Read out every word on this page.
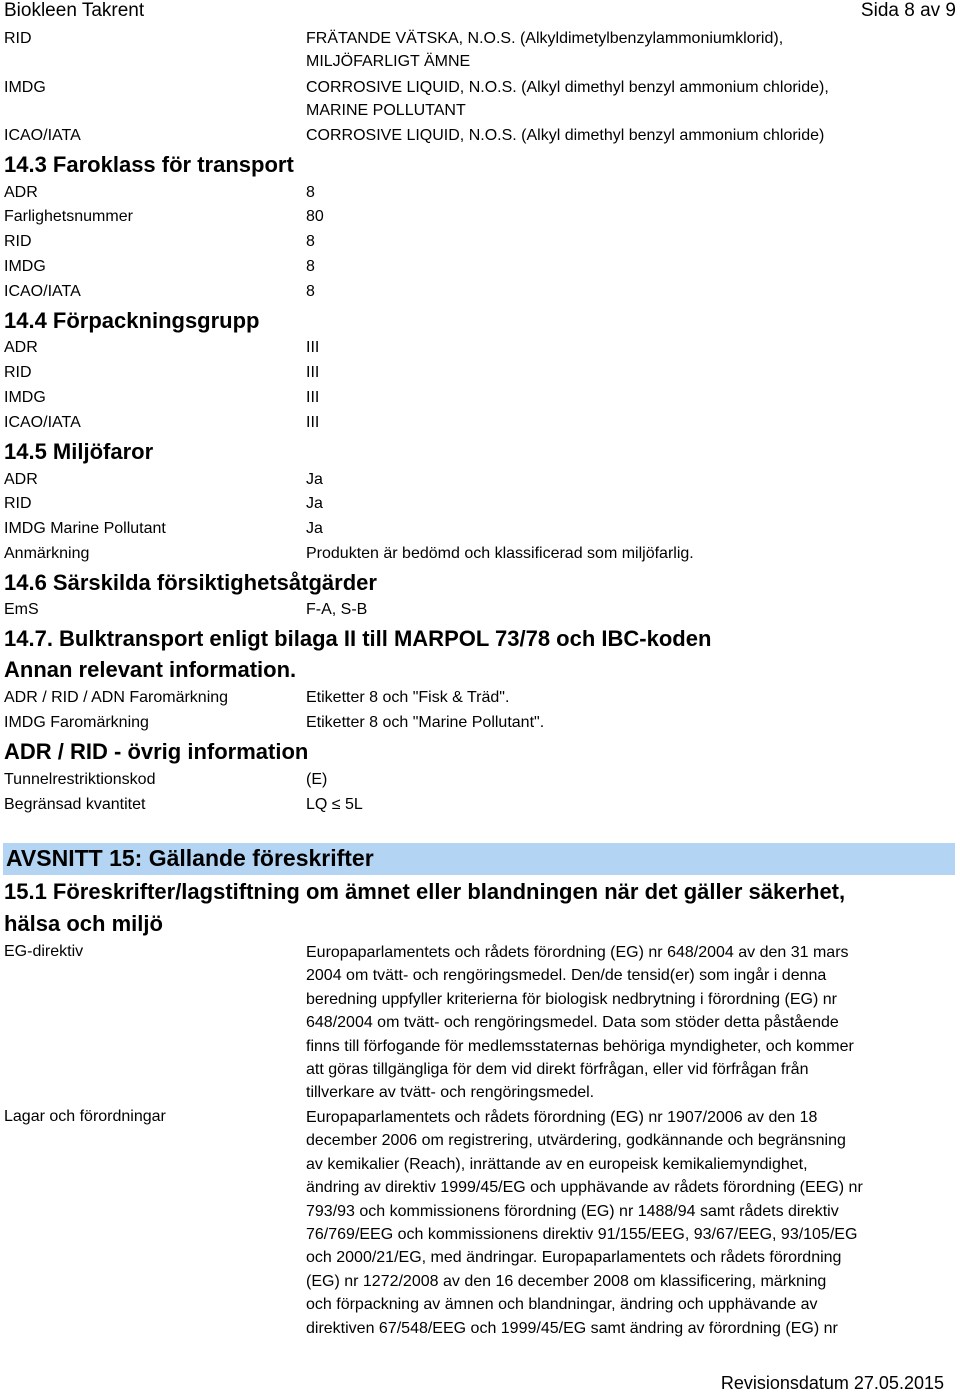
Biokleen Takrent	Sida 8 av 9
RID	FRÄTANDE VÄTSKA, N.O.S. (Alkyldimetylbenzylammoniumklorid),
MILJÖFARLIGT ÄMNE
IMDG	CORROSIVE LIQUID, N.O.S. (Alkyl dimethyl benzyl ammonium chloride),
MARINE POLLUTANT
ICAO/IATA	CORROSIVE LIQUID, N.O.S. (Alkyl dimethyl benzyl ammonium chloride)
14.3 Faroklass för transport
ADR	8
Farlighetsnummer	80
RID	8
IMDG	8
ICAO/IATA	8
14.4 Förpackningsgrupp
ADR	III
RID	III
IMDG	III
ICAO/IATA	III
14.5 Miljöfaror
ADR	Ja
RID	Ja
IMDG Marine Pollutant	Ja
Anmärkning	Produkten är bedömd och klassificerad som miljöfarlig.
14.6 Särskilda försiktighetsåtgärder
EmS	F-A, S-B
14.7. Bulktransport enligt bilaga II till MARPOL 73/78 och IBC-koden
Annan relevant information.
ADR / RID / ADN Faromärkning	Etiketter 8 och "Fisk & Träd".
IMDG Faromärkning	Etiketter 8 och "Marine Pollutant".
ADR / RID - övrig information
Tunnelrestriktionskod	(E)
Begränsad kvantitet	LQ ≤ 5L
AVSNITT 15: Gällande föreskrifter
15.1 Föreskrifter/lagstiftning om ämnet eller blandningen när det gäller säkerhet,
hälsa och miljö
EG-direktiv	Europaparlamentets och rådets förordning (EG) nr 648/2004 av den 31 mars
2004 om tvätt- och rengöringsmedel. Den/de tensid(er) som ingår i denna
beredning uppfyller kriterierna för biologisk nedbrytning i förordning (EG) nr
648/2004 om tvätt- och rengöringsmedel. Data som stöder detta påstående
finns till förfogande för medlemsstaternas behöriga myndigheter, och kommer
att göras tillgängliga för dem vid direkt förfrågan, eller vid förfrågan från
tillverkare av tvätt- och rengöringsmedel.
Lagar och förordningar	Europaparlamentets och rådets förordning (EG) nr 1907/2006 av den 18
december 2006 om registrering, utvärdering, godkännande och begränsning
av kemikalier (Reach), inrättande av en europeisk kemikaliemyndighet,
ändring av direktiv 1999/45/EG och upphävande av rådets förordning (EEG) nr
793/93 och kommissionens förordning (EG) nr 1488/94 samt rådets direktiv
76/769/EEG och kommissionens direktiv 91/155/EEG, 93/67/EEG, 93/105/EG
och 2000/21/EG, med ändringar. Europaparlamentets och rådets förordning
(EG) nr 1272/2008 av den 16 december 2008 om klassificering, märkning
och förpackning av ämnen och blandningar, ändring och upphävande av
direktiven 67/548/EEG och 1999/45/EG samt ändring av förordning (EG) nr
Revisionsdatum 27.05.2015
